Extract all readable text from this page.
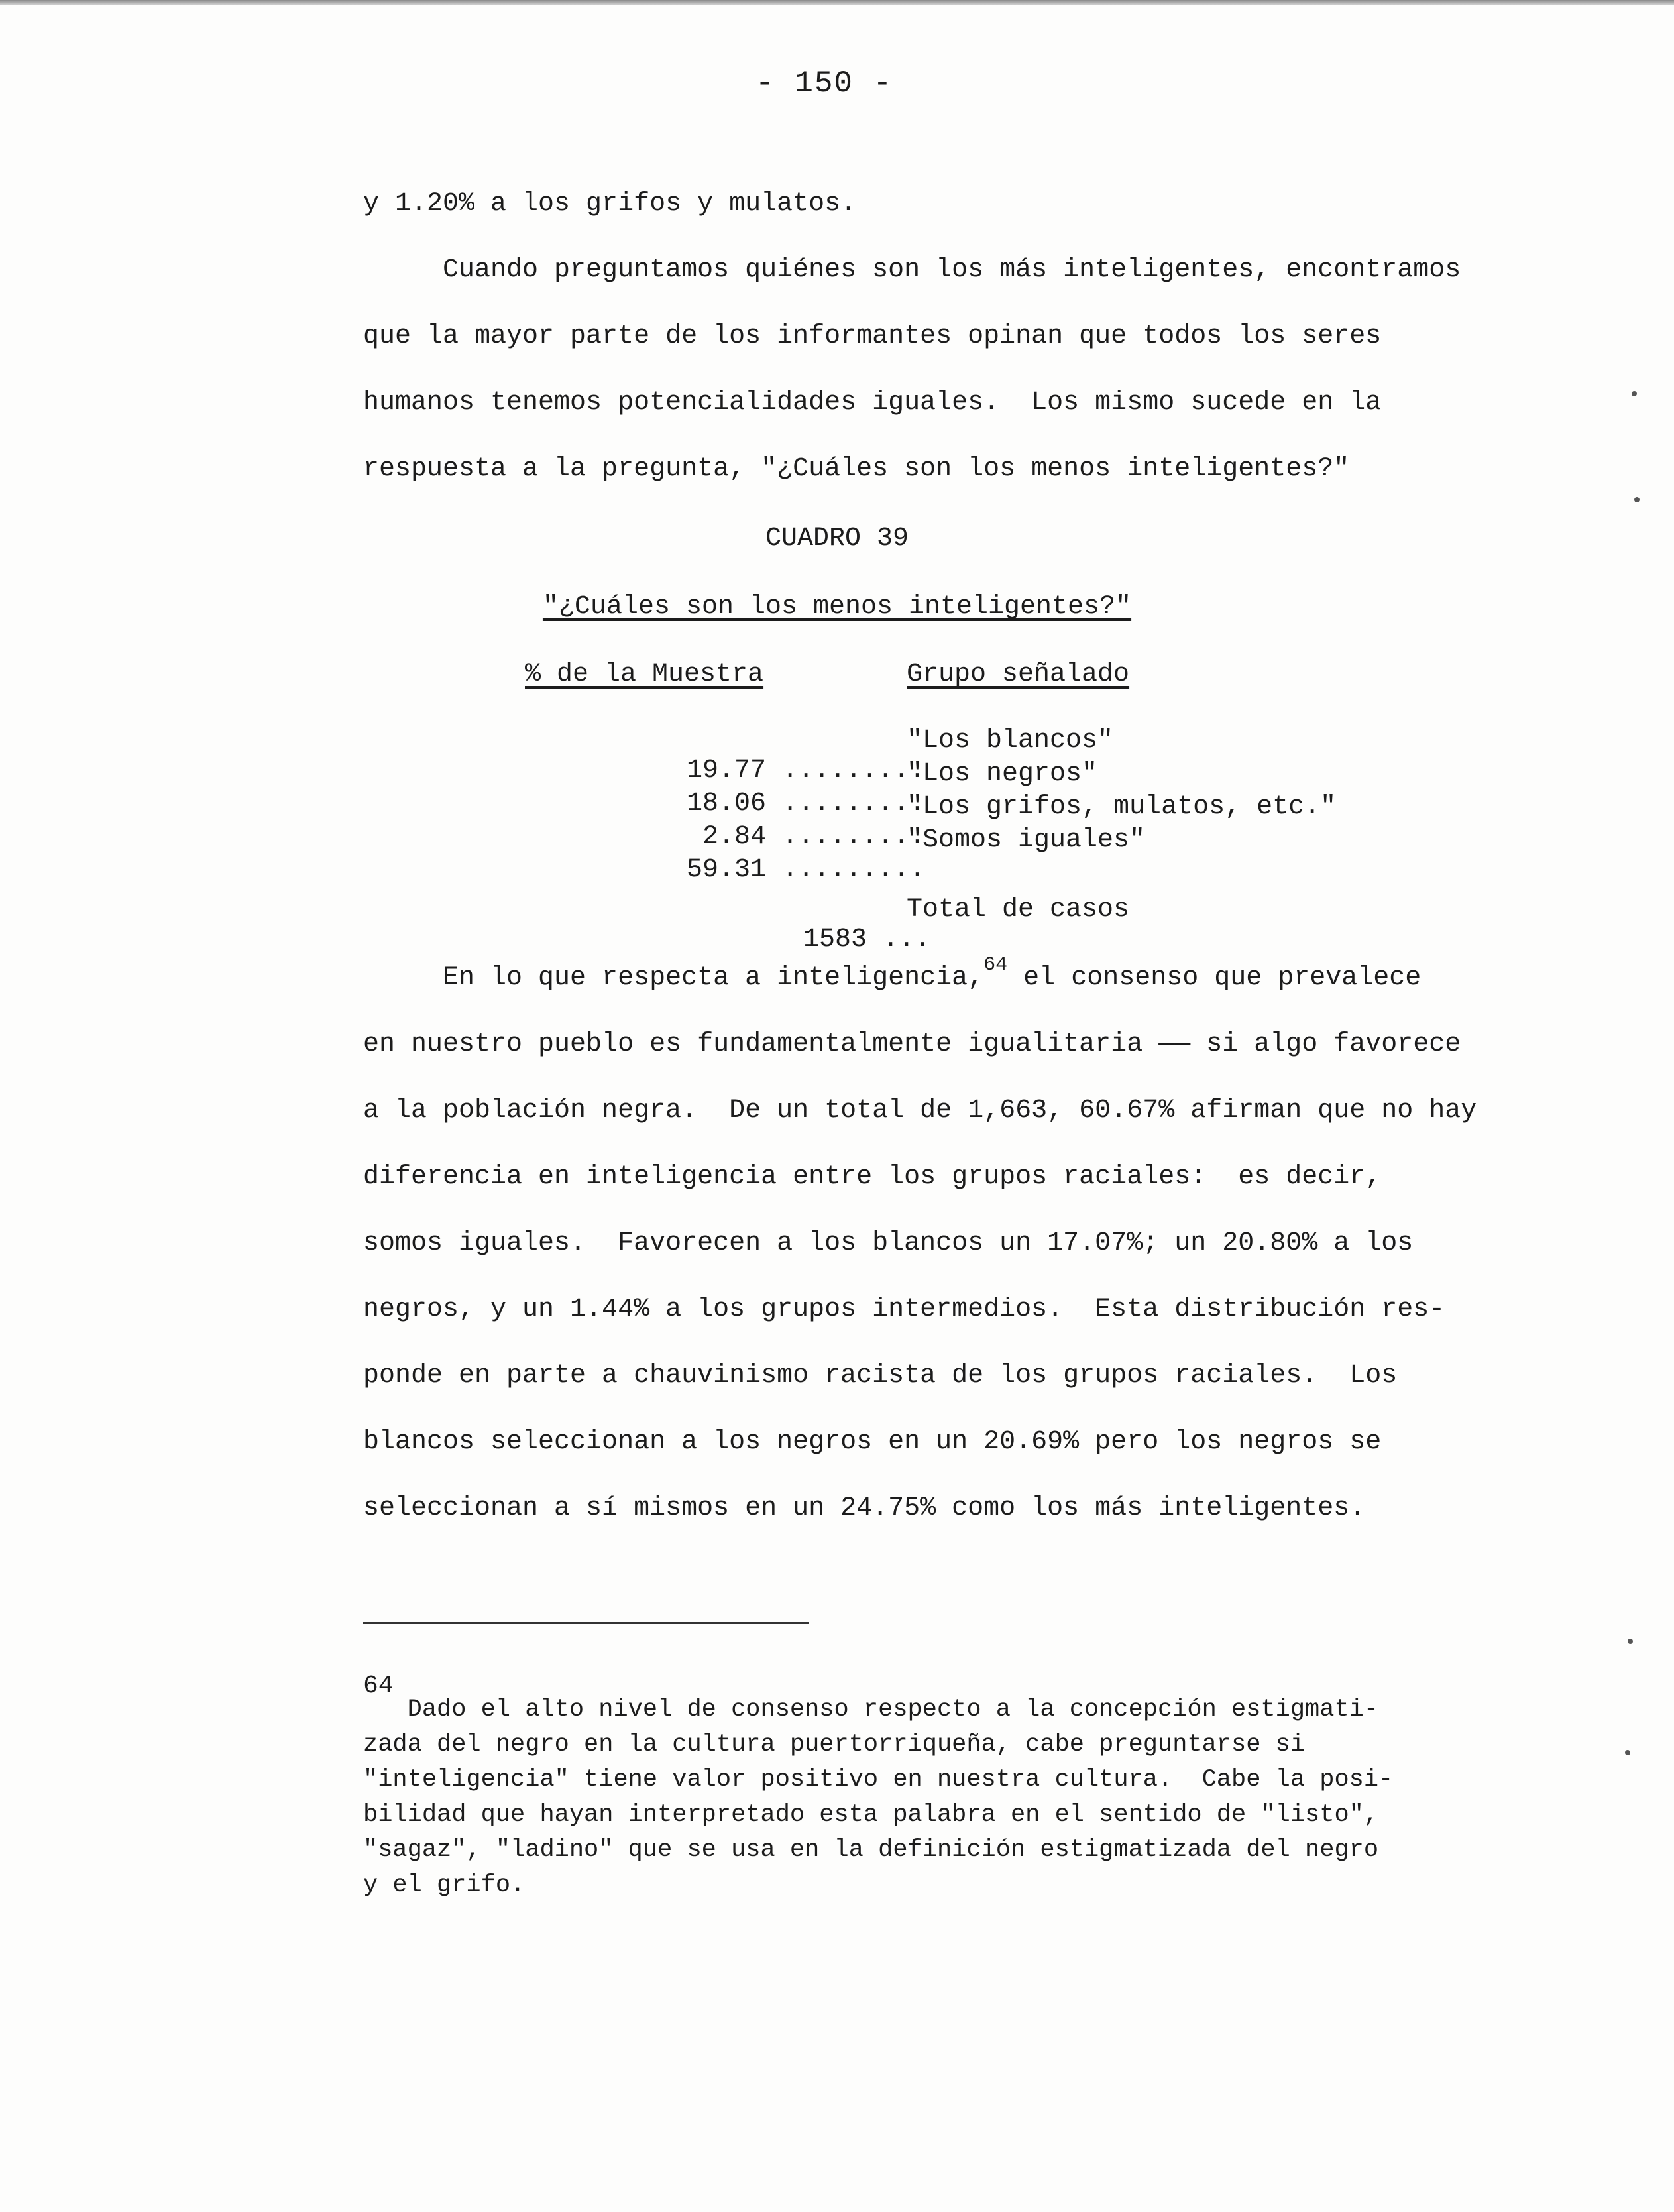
- 150 -
y 1.20% a los grifos y mulatos.
Cuando preguntamos quiénes son los más inteligentes, encontramos
que la mayor parte de los informantes opinan que todos los seres
humanos tenemos potencialidades iguales.  Los mismo sucede en la
respuesta a la pregunta, "¿Cuáles son los menos inteligentes?"
CUADRO 39
"¿Cuáles son los menos inteligentes?"
% de la Muestra	Grupo señalado

19.77 .........

"Los blancos"

18.06 .........

"Los negros"

2.84 .........

"Los grifos, mulatos, etc."

59.31 .........

"Somos iguales"

1583 ...

Total de casos
En lo que respecta a inteligencia,$^{64}$ el consenso que prevalece
en nuestro pueblo es fundamentalmente igualitaria —— si algo favorece
a la población negra.  De un total de 1,663, 60.67% afirman que no hay
diferencia en inteligencia entre los grupos raciales:  es decir,
somos iguales.  Favorecen a los blancos un 17.07%; un 20.80% a los
negros, y un 1.44% a los grupos intermedios.  Esta distribución res-
ponde en parte a chauvinismo racista de los grupos raciales.  Los
blancos seleccionan a los negros en un 20.69% pero los negros se
seleccionan a sí mismos en un 24.75% como los más inteligentes.
64
Dado el alto nivel de consenso respecto a la concepción estigmati-
zada del negro en la cultura puertorriqueña, cabe preguntarse si
"inteligencia" tiene valor positivo en nuestra cultura.  Cabe la posi-
bilidad que hayan interpretado esta palabra en el sentido de "listo",
"sagaz", "ladino" que se usa en la definición estigmatizada del negro
y el grifo.
